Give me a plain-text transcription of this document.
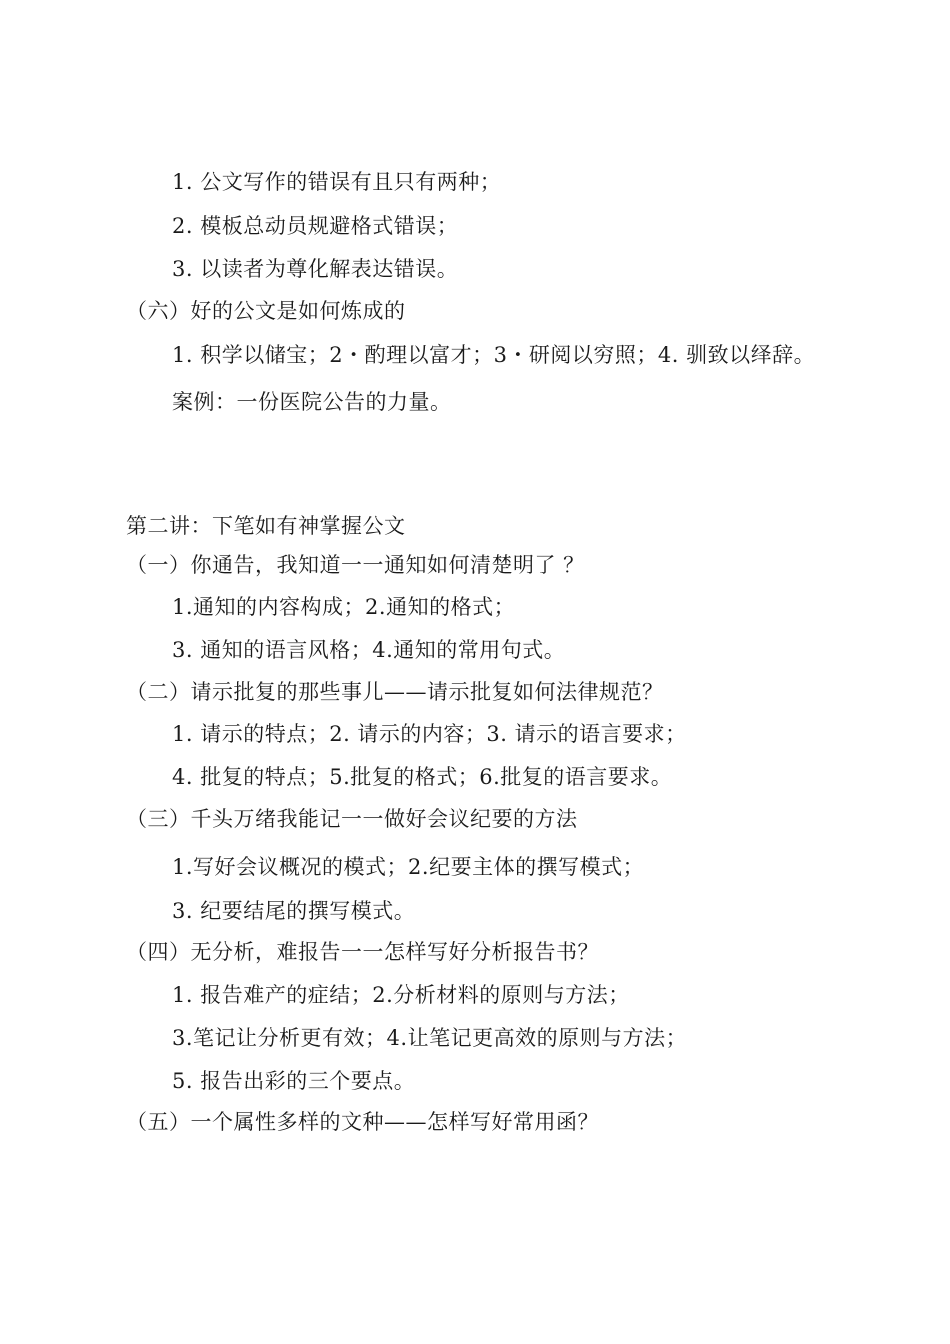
1. 公文写作的错误有且只有两种；
2. 模板总动员规避格式错误；
3. 以读者为尊化解表达错误。
（六）好的公文是如何炼成的
1. 积学以储宝；2・酌理以富才；3・研阅以穷照；4. 驯致以绎辞。
案例：一份医院公告的力量。
第二讲：下笔如有神掌握公文
（一）你通告，我知道一一通知如何清楚明了 ？
1.通知的内容构成；2.通知的格式；
3. 通知的语言风格；4.通知的常用句式。
（二）请示批复的那些事儿——请示批复如何法律规范？
1. 请示的特点；2. 请示的内容；3. 请示的语言要求；
4. 批复的特点；5.批复的格式；6.批复的语言要求。
（三）千头万绪我能记一一做好会议纪要的方法
1.写好会议概况的模式；2.纪要主体的撰写模式；
3. 纪要结尾的撰写模式。
（四）无分析，难报告一一怎样写好分析报告书？
1. 报告难产的症结；2.分析材料的原则与方法；
3.笔记让分析更有效；4.让笔记更高效的原则与方法；
5. 报告出彩的三个要点。
（五）一个属性多样的文种——怎样写好常用函？
